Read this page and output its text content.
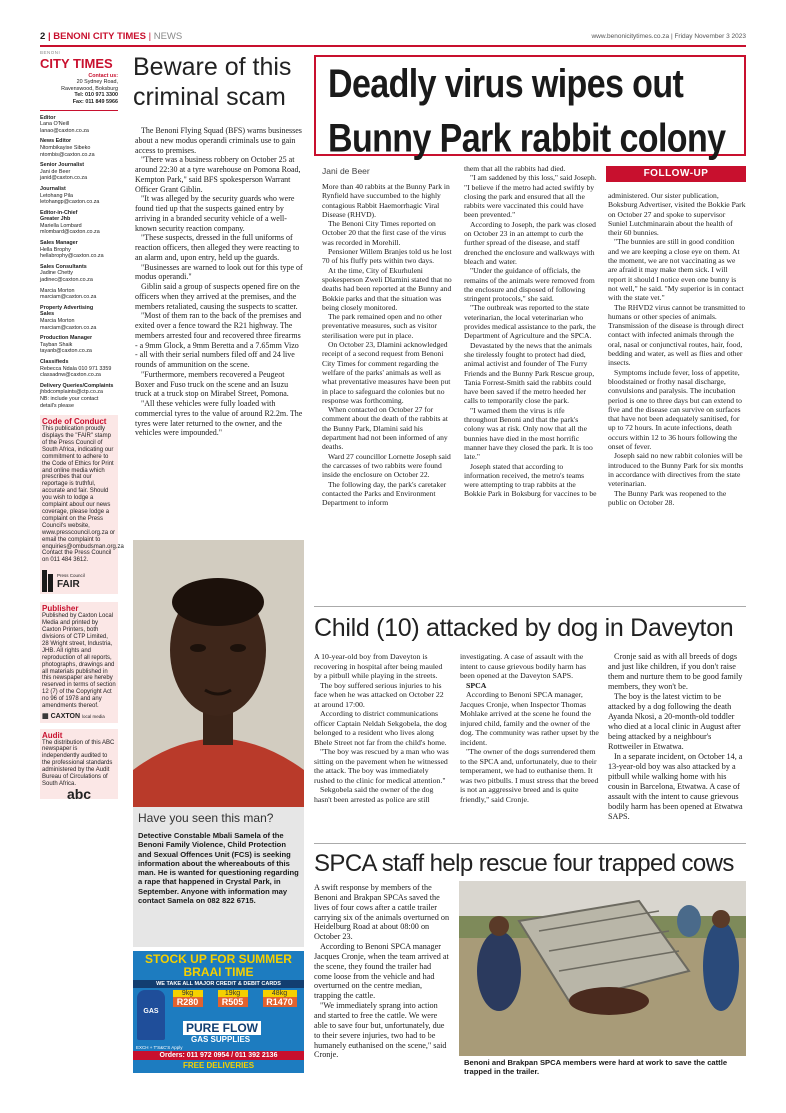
2 | BENONI CITY TIMES | NEWS	www.benonicitytimes.co.za | Friday November 3 2023
BENONI
CITY TIMES
Contact us:
20 Sydney Road,
Ravenswood, Boksburg
Tel: 010 971 3300
Fax: 011 849 5966
Editor
Lana O'Neill
lanao@caxton.co.za
News Editor
Ntombikayise Sibeko
ntombis@caxton.co.za
Senior Journalist
Jani de Beer
janid@caxton.co.za
Journalist
Letohang Pila
letohangp@caxton.co.za
Editor-in-Chief
Greater Jhb
Mariella Lombard
mlombard@caxton.co.za
Sales Manager
Hella Brophy
hellabrophy@caxton.co.za
Sales Consultants
Jadine Chetty
jadinec@caxton.co.za
Marcia Morton
marciam@caxton.co.za
Property Advertising
Sales
Marcia Morton
marciam@caxton.co.za
Production Manager
Tayban Shaik
tayanb@caxton.co.za
Classifieds
Rebecca Ndala 010 971 3359
classadnw@caxton.co.za
Delivery Queries/Complaints
jhbdcomplaints@ctp.co.za
NB: include your contact
detail's please
Code of Conduct
This publication proudly displays the "FAIR" stamp of the Press Council of South Africa, indicating our commitment to adhere to the Code of Ethics for Print and online media which prescribes that our reportage is truthful, accurate and fair. Should you wish to lodge a complaint about our news coverage, please lodge a complaint on the Press Council's website, www.presscouncil.org.za or email the complaint to enquiries@ombudsman.org.za Contact the Press Council on 011 484 3612.
Press Council
FAIR
Publisher
Published by Caxton Local Media and printed by Caxton Printers, both divisions of CTP Limited, 28 Wright street, Industria, JHB. All rights and reproduction of all reports, photographs, drawings and all materials published in this newspaper are hereby reserved in terms of section 12 (7) of the Copyright Act no 96 of 1978 and any amendments thereof.
▦ CAXTON local media
Audit
The distribution of this ABC newspaper is independently audited to the professional standards administered by the Audit Bureau of Circulations of South Africa.
abc
Beware of this criminal scam

The Benoni Flying Squad (BFS) warns businesses about a new modus operandi criminals use to gain access to premises.

"There was a business robbery on October 25 at around 22:30 at a tyre warehouse on Pomona Road, Kempton Park," said BFS spokesperson Warrant Officer Grant Giblin.

"It was alleged by the security guards who were found tied up that the suspects gained entry by arriving in a branded security vehicle of a well-known security reaction company.

"These suspects, dressed in the full uniforms of reaction officers, then alleged they were reacting to an alarm and, upon entry, held up the guards.

"Businesses are warned to look out for this type of modus operandi."

Giblin said a group of suspects opened fire on the officers when they arrived at the premises, and the members retaliated, causing the suspects to scatter.

"Most of them ran to the back of the premises and exited over a fence toward the R21 highway. The members arrested four and recovered three firearms - a 9mm Glock, a 9mm Beretta and a 7.65mm Vizo - all with their serial numbers filed off and 24 live rounds of ammunition on the scene.

"Furthermore, members recovered a Peugeot Boxer and Fuso truck on the scene and an Isuzu truck at a truck stop on Mirabel Street, Pomona.

"All these vehicles were fully loaded with commercial tyres to the value of around R2.2m. The tyres were later returned to the owner, and the vehicles were impounded."

Have you seen this man?
Detective Constable Mbali Samela of the Benoni Family Violence, Child Protection and Sexual Offences Unit (FCS) is seeking information about the whereabouts of this man. He is wanted for questioning regarding a rape that happened in Crystal Park, in September. Anyone with information may contact Samela on 082 822 6715.
STOCK UP FOR SUMMER
BRAAI TIME
WE TAKE ALL MAJOR CREDIT & DEBIT CARDS
GAS
9kg
R280
19kg
R505
48kg
R1470
PURE FLOW
GAS SUPPLIES
EXCH + T'S&C'S Apply
Orders: 011 972 0954 / 011 392 2136
FREE DELIVERIES
Deadly virus wipes out Bunny Park rabbit colony
Jani de Beer

More than 40 rabbits at the Bunny Park in Rynfield have succumbed to the highly contagious Rabbit Haemorrhagic Viral Disease (RHVD).

The Benoni City Times reported on October 20 that the first case of the virus was recorded in Morehill.

Pensioner Willem Branjes told us he lost 70 of his fluffy pets within two days.

At the time, City of Ekurhuleni spokesperson Zweli Dlamini stated that no deaths had been reported at the Bunny and Bokkie parks and that the situation was being closely monitored.

The park remained open and no other preventative measures, such as visitor sterilisation were put in place.

On October 23, Dlamini acknowledged receipt of a second request from Benoni City Times for comment regarding the welfare of the parks' animals as well as what preventative measures have been put in place to safeguard the colonies but no response was forthcoming.

When contacted on October 27 for comment about the death of the rabbits at the Bunny Park, Dlamini said his department had not been informed of any deaths.

Ward 27 councillor Lornette Joseph said the carcasses of two rabbits were found inside the enclosure on October 22.

The following day, the park's caretaker contacted the Parks and Environment Department to inform

them that all the rabbits had died.

"I am saddened by this loss," said Joseph. "I believe if the metro had acted swiftly by closing the park and ensured that all the rabbits were vaccinated this could have been prevented."

According to Joseph, the park was closed on October 23 in an attempt to curb the further spread of the disease, and staff drenched the enclosure and walkways with bleach and water.

"Under the guidance of officials, the remains of the animals were removed from the enclosure and disposed of following stringent protocols," she said.

"The outbreak was reported to the state veterinarian, the local veterinarian who provides medical assistance to the park, the Department of Agriculture and the SPCA.

Devastated by the news that the animals she tirelessly fought to protect had died, animal activist and founder of The Furry Friends and the Bunny Park Rescue group, Tania Forrest-Smith said the rabbits could have been saved if the metro heeded her calls to temporarily close the park.

"I warned them the virus is rife throughout Benoni and that the park's colony was at risk. Only now that all the bunnies have died in the most horrific manner have they closed the park. It is too late."

Joseph stated that according to information received, the metro's teams were attempting to trap rabbits at the Bokkie Park in Boksburg for vaccines to be

FOLLOW-UP

administered. Our sister publication, Boksburg Advertiser, visited the Bokkie Park on October 27 and spoke to supervisor Suniel Lutchminarain about the health of their 60 bunnies.

"The bunnies are still in good condition and we are keeping a close eye on them. At the moment, we are not vaccinating as we are afraid it may make them sick. I will report it should I notice even one bunny is not well," he said. "My superior is in contact with the state vet."

The RHVD2 virus cannot be transmitted to humans or other species of animals. Transmission of the disease is through direct contact with infected animals through the oral, nasal or conjunctival routes, hair, food, bedding and water, as well as flies and other insects.

Symptoms include fever, loss of appetite, bloodstained or frothy nasal discharge, convulsions and paralysis. The incubation period is one to three days but can extend to five and the disease can survive on surfaces that have not been adequately sanitised, for up to 72 hours. In acute infections, death occurs within 12 to 36 hours following the onset of fever.

Joseph said no new rabbit colonies will be introduced to the Bunny Park for six months in accordance with directives from the state veterinarian.

The Bunny Park was reopened to the public on October 28.

Child (10) attacked by dog in Daveyton

A 10-year-old boy from Daveyton is recovering in hospital after being mauled by a pitbull while playing in the streets.

The boy suffered serious injuries to his face when he was attacked on October 22 at around 17:00.

According to district communications officer Captain Neldah Sekgobela, the dog belonged to a resident who lives along Bhele Street not far from the child's home.

"The boy was rescued by a man who was sitting on the pavement when he witnessed the attack. The boy was immediately rushed to the clinic for medical attention."

Sekgobela said the owner of the dog hasn't been arrested as police are still

investigating. A case of assault with the intent to cause grievous bodily harm has been opened at the Daveyton SAPS.

SPCA

According to Benoni SPCA manager, Jacques Cronje, when Inspector Thomas Mohlake arrived at the scene he found the injured child, family and the owner of the dog. The community was rather upset by the incident.

"The owner of the dogs surrendered them to the SPCA and, unfortunately, due to their temperament, we had to euthanise them. It was two pitbulls. I must stress that the breed is not an aggressive breed and is quite friendly," said Cronje.

Cronje said as with all breeds of dogs and just like children, if you don't raise them and nurture them to be good family members, they won't be.

The boy is the latest victim to be attacked by a dog following the death Ayanda Nkosi, a 20-month-old toddler who died at a local clinic in August after being attacked by a neighbour's Rottweiler in Etwatwa.

In a separate incident, on October 14, a 13-year-old boy was also attacked by a pitbull while walking home with his cousin in Barcelona, Etwatwa. A case of assault with the intent to cause grievous bodily harm has been opened at Etwatwa SAPS.

SPCA staff help rescue four trapped cows

A swift response by members of the Benoni and Brakpan SPCAs saved the lives of four cows after a cattle trailer carrying six of the animals overturned on Heidelburg Road at about 08:00 on October 23.

According to Benoni SPCA manager Jacques Cronje, when the team arrived at the scene, they found the trailer had come loose from the vehicle and had overturned on the centre median, trapping the cattle.

"We immediately sprang into action and started to free the cattle. We were able to save four but, unfortunately, due to their severe injuries, two had to be humanely euthanised on the scene," said Cronje.

Benoni and Brakpan SPCA members were hard at work to save the cattle trapped in the trailer.
